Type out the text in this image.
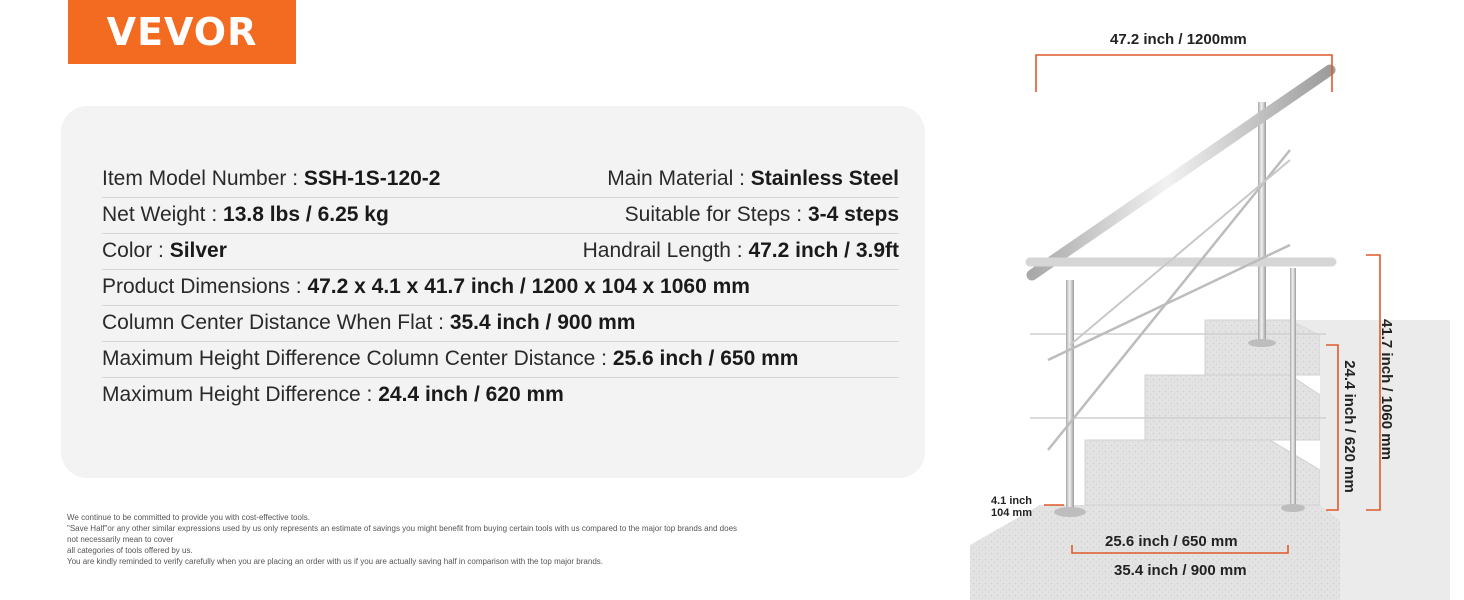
VEVOR
Item Model Number : SSH-1S-120-2	Main Material : Stainless Steel
Net Weight : 13.8 lbs / 6.25 kg	Suitable for Steps : 3-4 steps
Color : Silver	Handrail Length : 47.2 inch / 3.9ft
Product Dimensions : 47.2 x 4.1 x 41.7 inch / 1200 x 104 x 1060 mm
Column Center Distance When Flat : 35.4 inch / 900 mm
Maximum Height Difference Column Center Distance : 25.6 inch / 650 mm
Maximum Height Difference : 24.4 inch / 620 mm
We continue to be committed to provide you with cost-effective tools.
"Save Half"or any other similar expressions used by us only represents an estimate of savings you might benefit from buying certain tools with us compared to the major top brands and does
not necessarily mean to cover
all categories of tools offered by us.
You are kindly reminded to verify carefully when you are placing an order with us if you are actually saving half in comparison with the top major brands.
47.2 inch / 1200mm
41.7 inch / 1060 mm
24.4 inch / 620 mm
4.1 inch
104 mm
25.6 inch / 650 mm
35.4 inch / 900 mm
